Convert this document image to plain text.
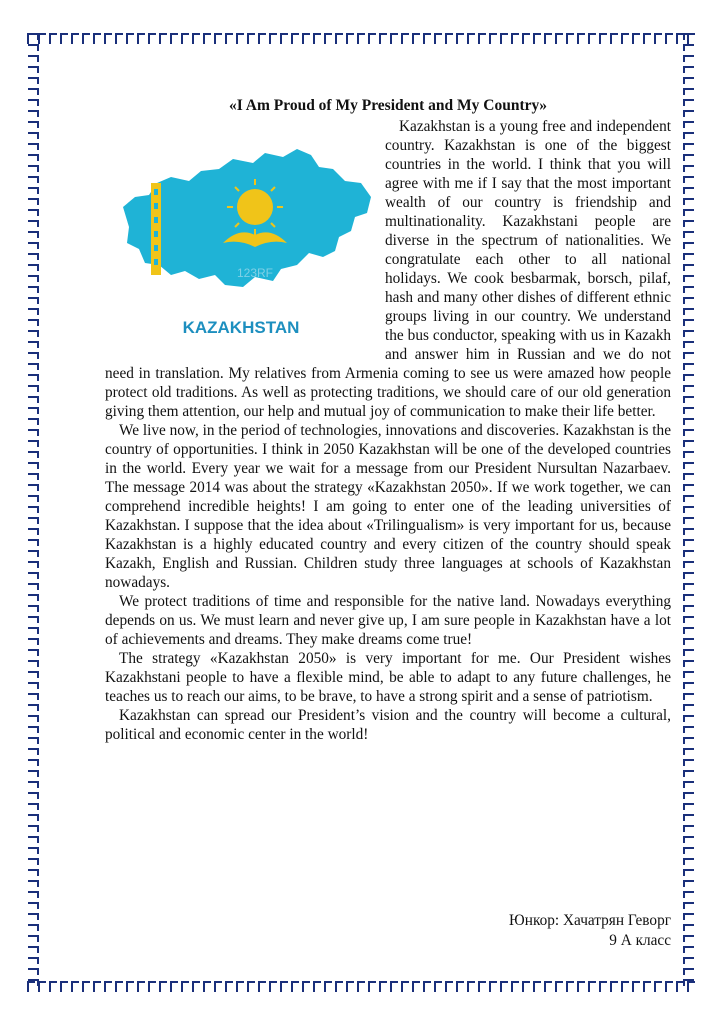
«I Am Proud of My President and My Country»
123RF
KAZAKHSTAN

Kazakhstan is a young free and independent country. Kazakhstan is one of the biggest countries in the world. I think that you will agree with me if I say that the most important wealth of our country is friendship and multinationality. Kazakhstani people are diverse in the spectrum of nationalities. We congratulate each other to all national holidays. We cook besbarmak, borsch, pilaf, hash and many other dishes of different ethnic groups living in our country. We understand the bus conductor, speaking with us in Kazakh and answer him in Russian and we do not need in translation. My relatives from Armenia coming to see us were amazed how people protect old traditions. As well as protecting traditions, we should care of our old generation giving them attention, our help and mutual joy of communication to make their life better.

We live now, in the period of technologies, innovations and discoveries. Kazakhstan is the country of opportunities. I think in 2050 Kazakhstan will be one of the developed countries in the world. Every year we wait for a message from our President Nursultan Nazarbaev. The message 2014 was about the strategy «Kazakhstan 2050». If we work together, we can comprehend incredible heights! I am going to enter one of the leading universities of Kazakhstan. I suppose that the idea about «Trilingualism» is very important for us, because Kazakhstan is a highly educated country and every citizen of the country should speak Kazakh, English and Russian. Children study three languages at schools of Kazakhstan nowadays.

We protect traditions of time and responsible for the native land. Nowadays everything depends on us. We must learn and never give up, I am sure people in Kazakhstan have a lot of achievements and dreams. They make dreams come true!

The strategy «Kazakhstan 2050» is very important for me. Our President wishes Kazakhstani people to have a flexible mind, be able to adapt to any future challenges, he teaches us to reach our aims, to be brave, to have a strong spirit and a sense of patriotism.

Kazakhstan can spread our President’s vision and the country will become a cultural, political and economic center in the world!

Юнкор: Хачатрян Геворг
9 А класс
